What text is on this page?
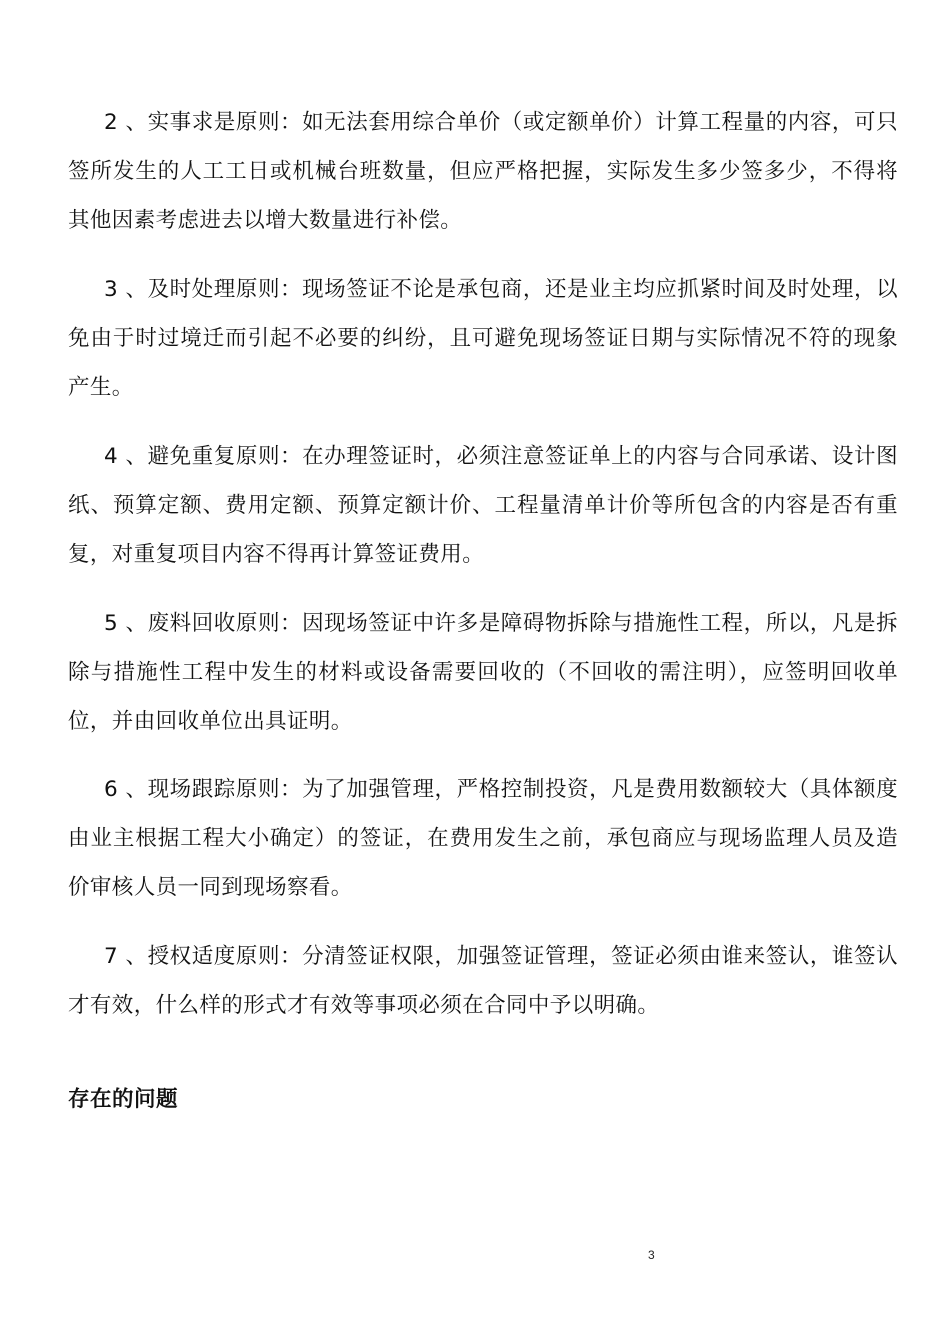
2 、实事求是原则：如无法套用综合单价（或定额单价）计算工程量的内容，可只签所发生的人工工日或机械台班数量，但应严格把握，实际发生多少签多少，不得将其他因素考虑进去以增大数量进行补偿。

3 、及时处理原则：现场签证不论是承包商，还是业主均应抓紧时间及时处理，以免由于时过境迁而引起不必要的纠纷，且可避免现场签证日期与实际情况不符的现象产生。

4 、避免重复原则：在办理签证时，必须注意签证单上的内容与合同承诺、设计图纸、预算定额、费用定额、预算定额计价、工程量清单计价等所包含的内容是否有重复，对重复项目内容不得再计算签证费用。

5 、废料回收原则：因现场签证中许多是障碍物拆除与措施性工程，所以，凡是拆除与措施性工程中发生的材料或设备需要回收的（不回收的需注明），应签明回收单位，并由回收单位出具证明。

6 、现场跟踪原则：为了加强管理，严格控制投资，凡是费用数额较大（具体额度由业主根据工程大小确定）的签证，在费用发生之前，承包商应与现场监理人员及造价审核人员一同到现场察看。

7 、授权适度原则：分清签证权限，加强签证管理，签证必须由谁来签认，谁签认才有效，什么样的形式才有效等事项必须在合同中予以明确。

存在的问题
3
